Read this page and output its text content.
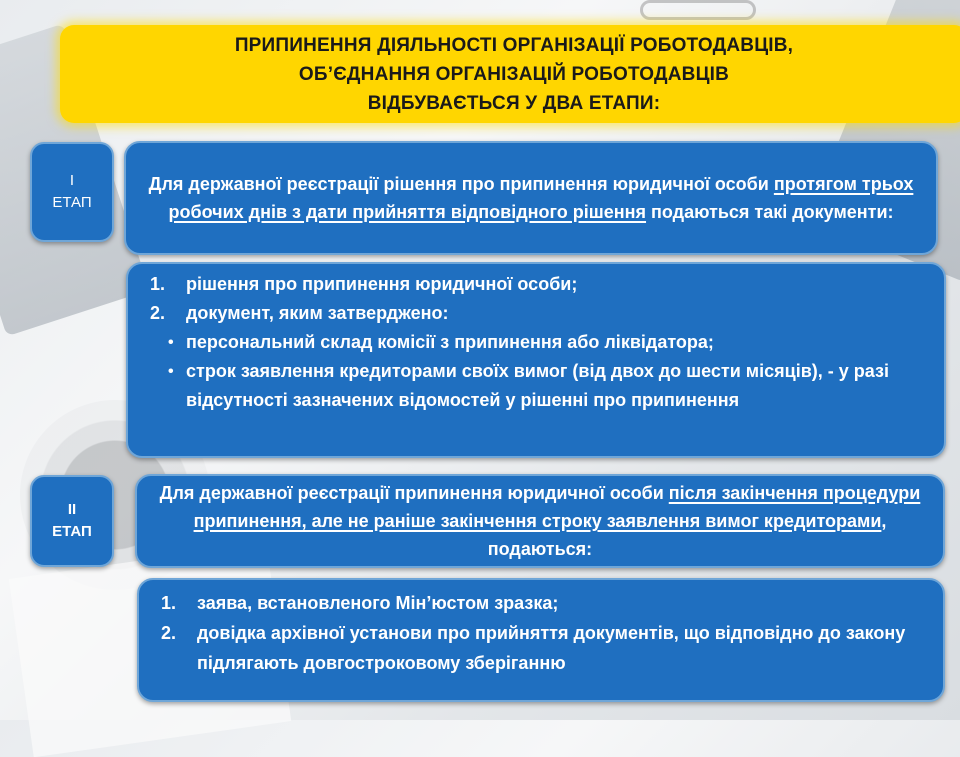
ПРИПИНЕННЯ ДІЯЛЬНОСТІ ОРГАНІЗАЦІЇ РОБОТОДАВЦІВ,
ОБ’ЄДНАННЯ ОРГАНІЗАЦІЙ РОБОТОДАВЦІВ
ВІДБУВАЄТЬСЯ У ДВА ЕТАПИ:
І
ЕТАП
Для державної реєстрації рішення про припинення юридичної особи протягом трьох робочих днів з дати прийняття відповідного рішення подаються такі документи:
1. рішення про припинення юридичної особи;
2. документ, яким затверджено:
• персональний склад комісії з припинення або ліквідатора;
• строк заявлення кредиторами своїх вимог (від двох до шести місяців), - у разі відсутності зазначених відомостей у рішенні про припинення
ІІ
ЕТАП
Для державної реєстрації припинення юридичної особи після закінчення процедури припинення, але не раніше закінчення строку заявлення вимог кредиторами, подаються:
1. заява, встановленого Мін’юстом зразка;
2. довідка архівної установи про прийняття документів, що відповідно до закону підлягають довгостроковому зберіганню
